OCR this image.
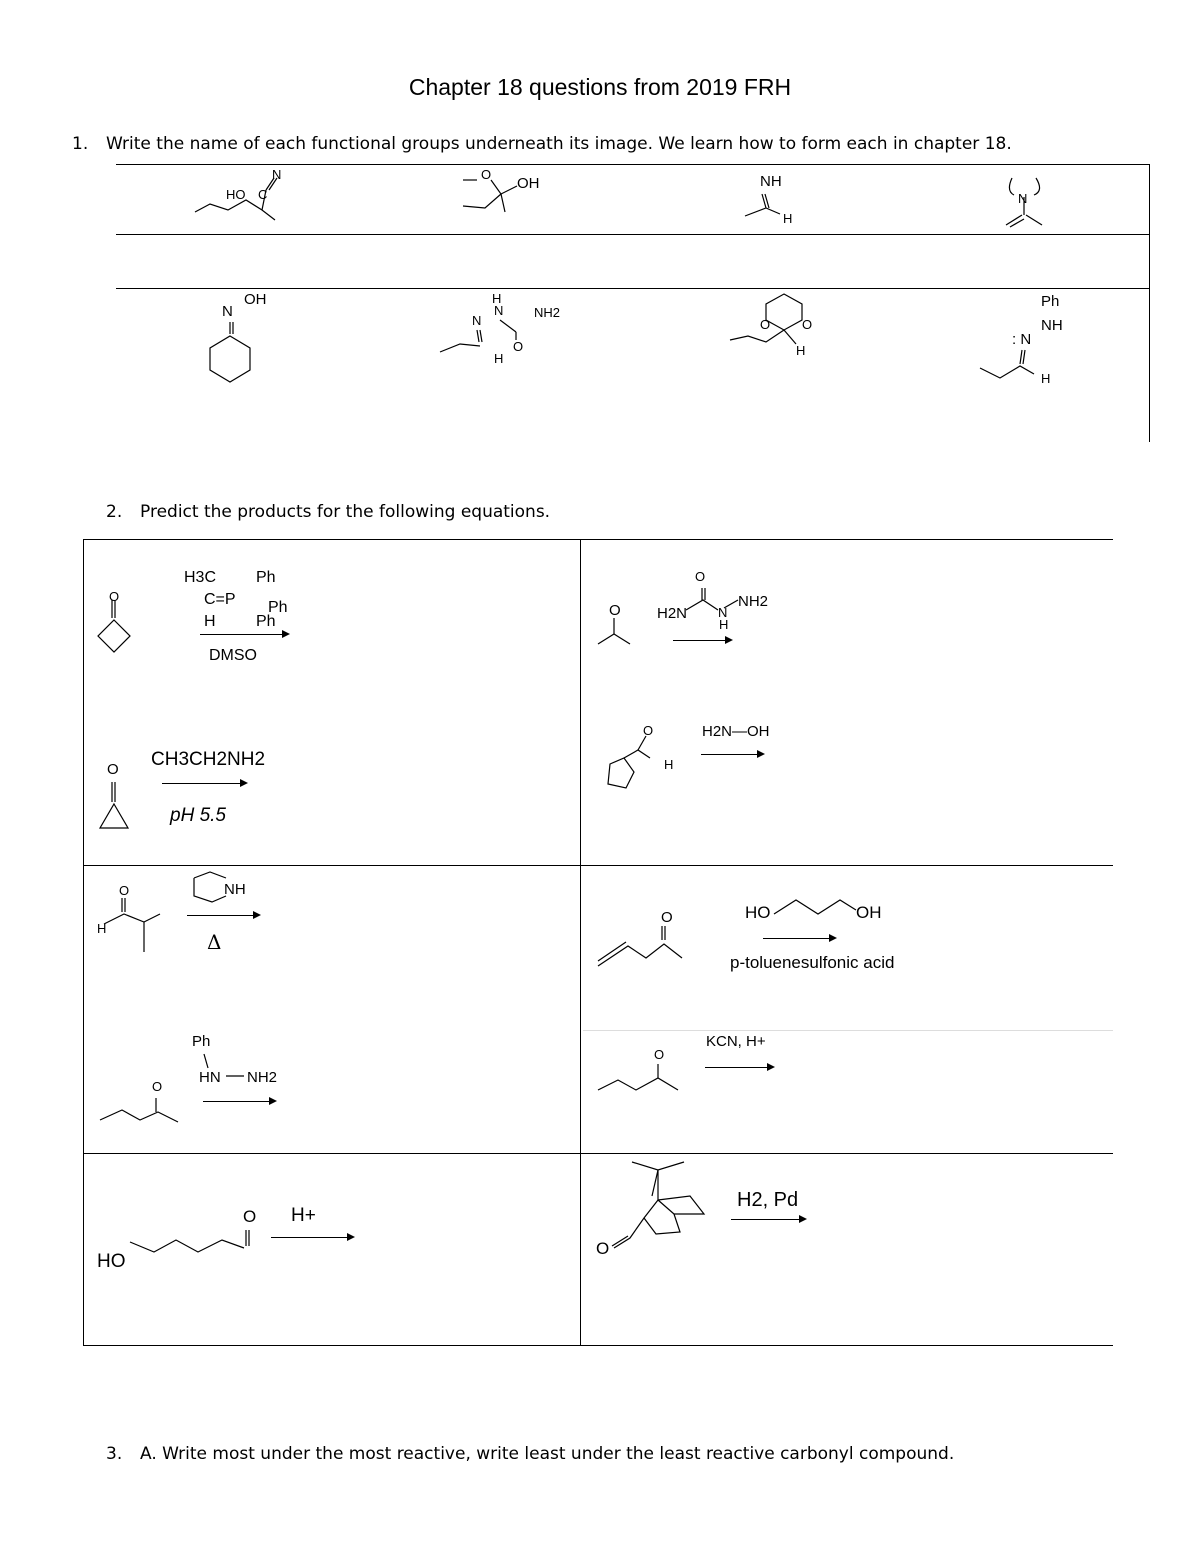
Chapter 18 questions from 2019 FRH
1. Write the name of each functional groups underneath its image. We learn how to form each in chapter 18.
N
HO C
O
OH	NH
H
N
N
OH	H
N
N NH2
O
H
O O
H
Ph
NH
: N
H
2. Predict the products for the following equations.
O
H3C Ph
C=P Ph
H	Ph
DMSO
O
O
H2N N
H
NH2
O CH3CH2NH2
pH 5.5
O
H
H2N—OH
O
H
NH
Δ
O	HO	OH
p-toluenesulfonic acid
O
Ph
HN NH2
O
KCN, H+
HO
O H+
O
H2, Pd
3. A. Write most under the most reactive, write least under the least reactive carbonyl compound.
